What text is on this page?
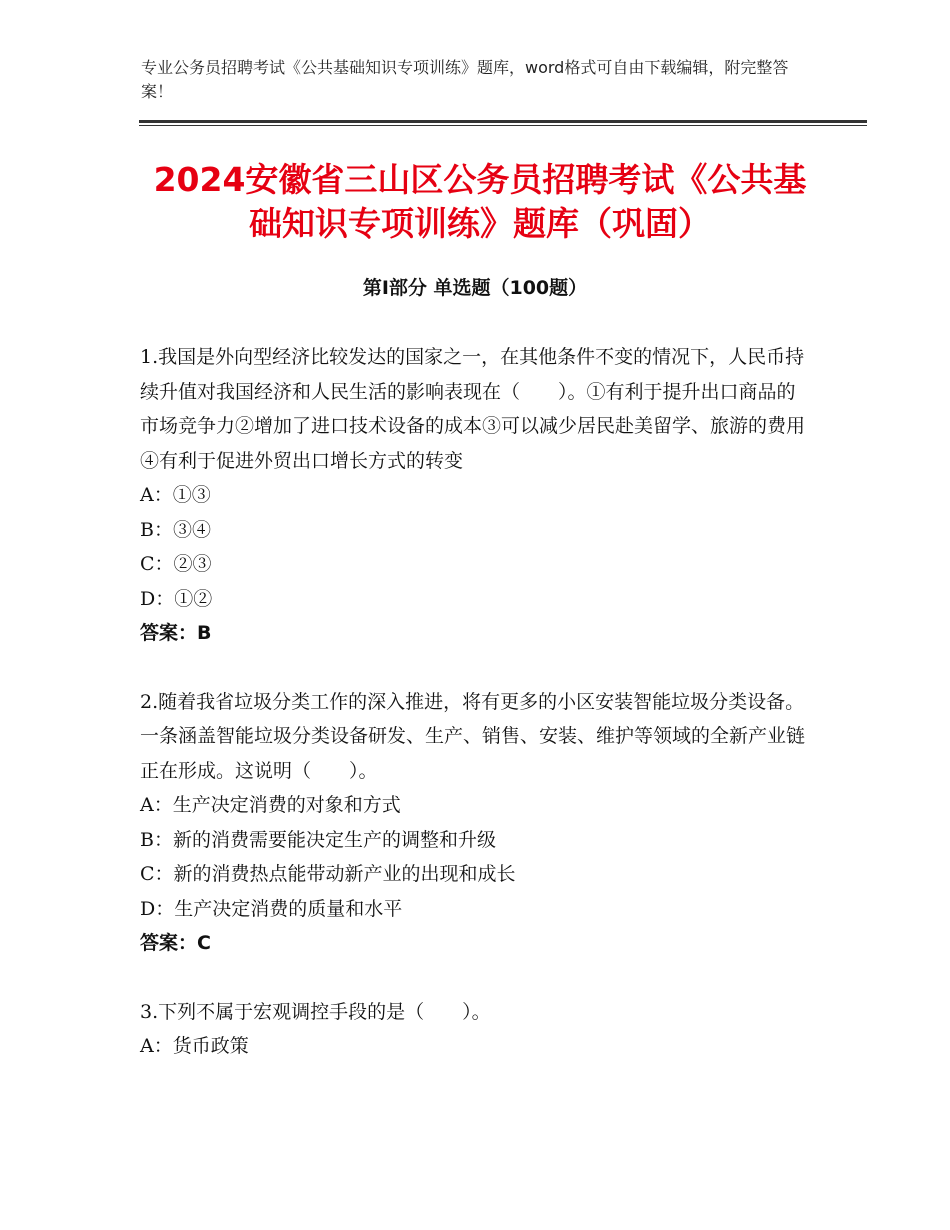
专业公务员招聘考试《公共基础知识专项训练》题库，word格式可自由下载编辑，附完整答案！
2024安徽省三山区公务员招聘考试《公共基础知识专项训练》题库（巩固）
第Ⅰ部分 单选题（100题）
1.我国是外向型经济比较发达的国家之一，在其他条件不变的情况下，人民币持续升值对我国经济和人民生活的影响表现在（　　）。①有利于提升出口商品的市场竞争力②增加了进口技术设备的成本③可以减少居民赴美留学、旅游的费用④有利于促进外贸出口增长方式的转变
A：①③
B：③④
C：②③
D：①②
答案：B
2.随着我省垃圾分类工作的深入推进，将有更多的小区安装智能垃圾分类设备。一条涵盖智能垃圾分类设备研发、生产、销售、安装、维护等领域的全新产业链正在形成。这说明（　　）。
A：生产决定消费的对象和方式
B：新的消费需要能决定生产的调整和升级
C：新的消费热点能带动新产业的出现和成长
D：生产决定消费的质量和水平
答案：C
3.下列不属于宏观调控手段的是（　　）。
A：货币政策
